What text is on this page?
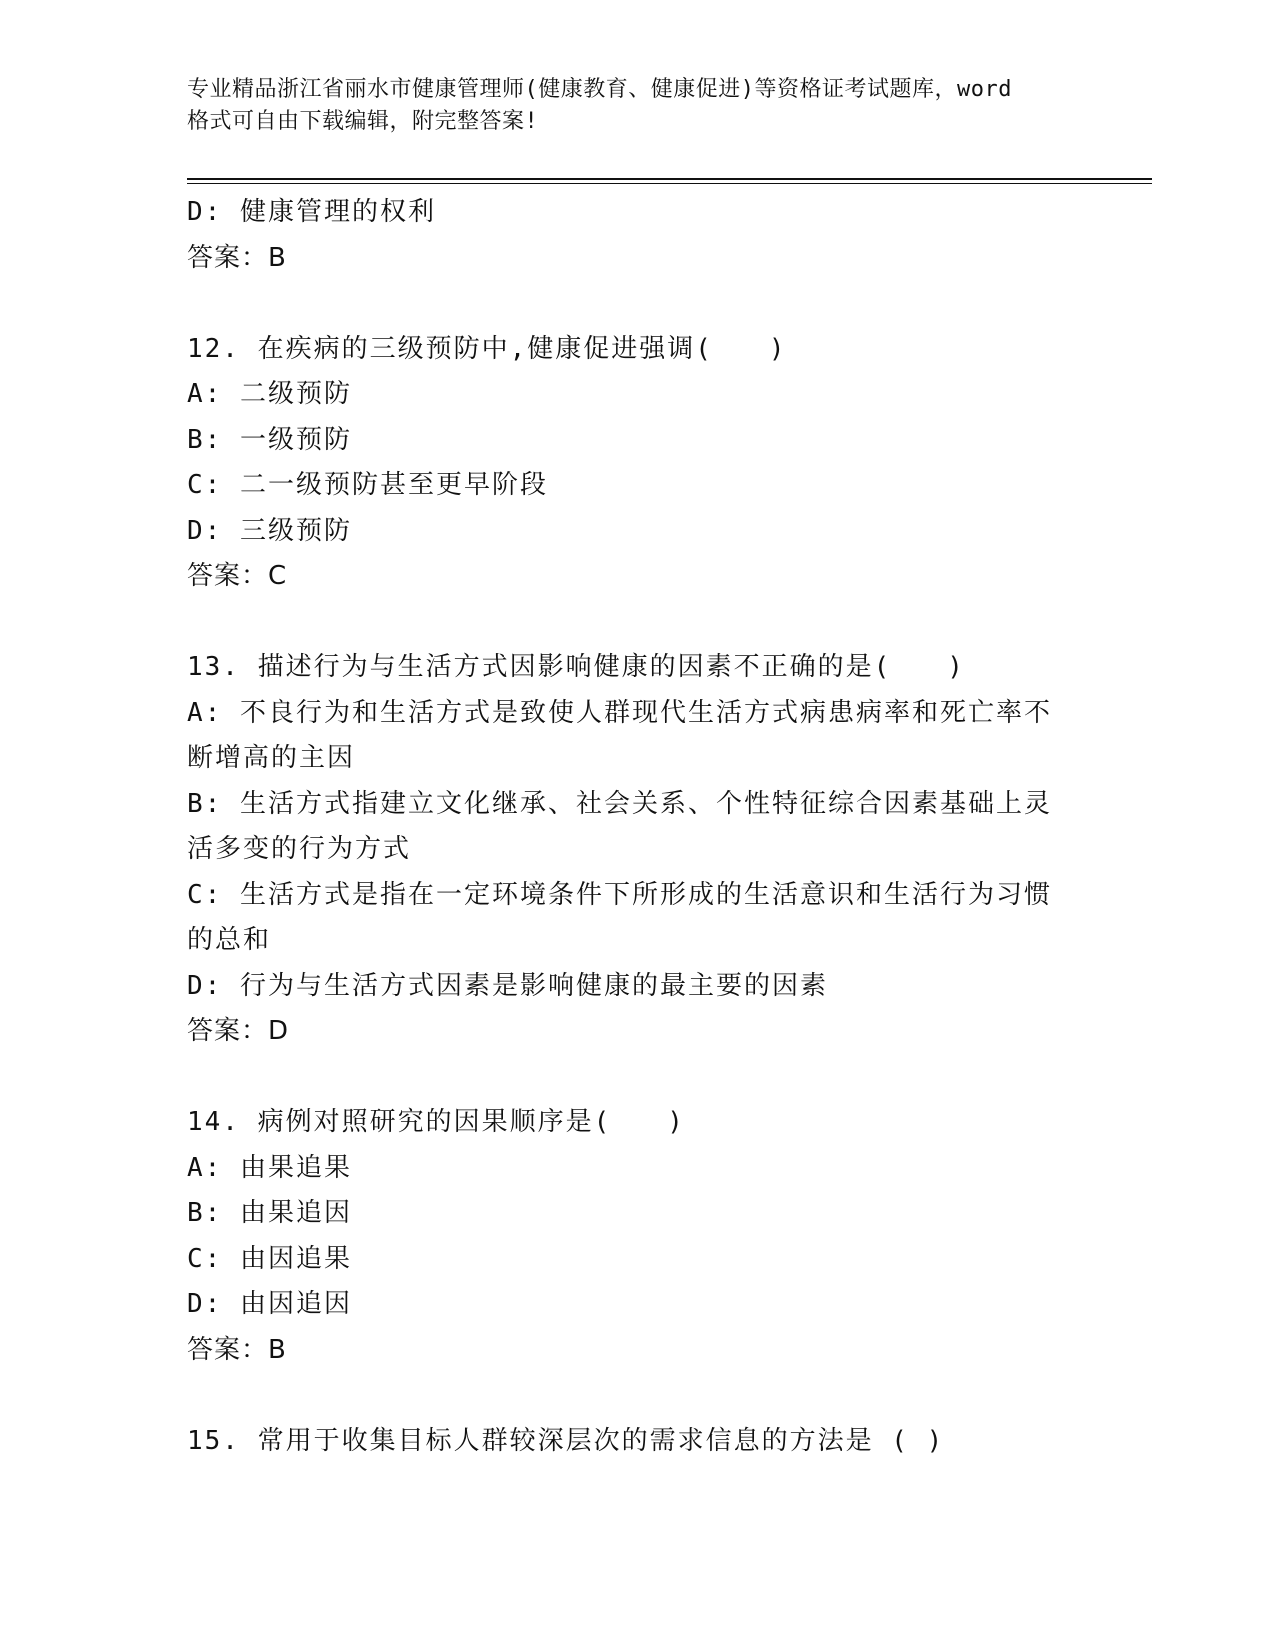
专业精品浙江省丽水市健康管理师(健康教育、健康促进)等资格证考试题库，word
格式可自由下载编辑，附完整答案!
D: 健康管理的权利
答案：B
12. 在疾病的三级预防中,健康促进强调(　　)
A: 二级预防
B: 一级预防
C: 二一级预防甚至更早阶段
D: 三级预防
答案：C
13. 描述行为与生活方式因影响健康的因素不正确的是(　　)
A: 不良行为和生活方式是致使人群现代生活方式病患病率和死亡率不
断增高的主因
B: 生活方式指建立文化继承、社会关系、个性特征综合因素基础上灵
活多变的行为方式
C: 生活方式是指在一定环境条件下所形成的生活意识和生活行为习惯
的总和
D: 行为与生活方式因素是影响健康的最主要的因素
答案：D
14. 病例对照研究的因果顺序是(　　)
A: 由果追果
B: 由果追因
C: 由因追果
D: 由因追因
答案：B
15. 常用于收集目标人群较深层次的需求信息的方法是 ( )
